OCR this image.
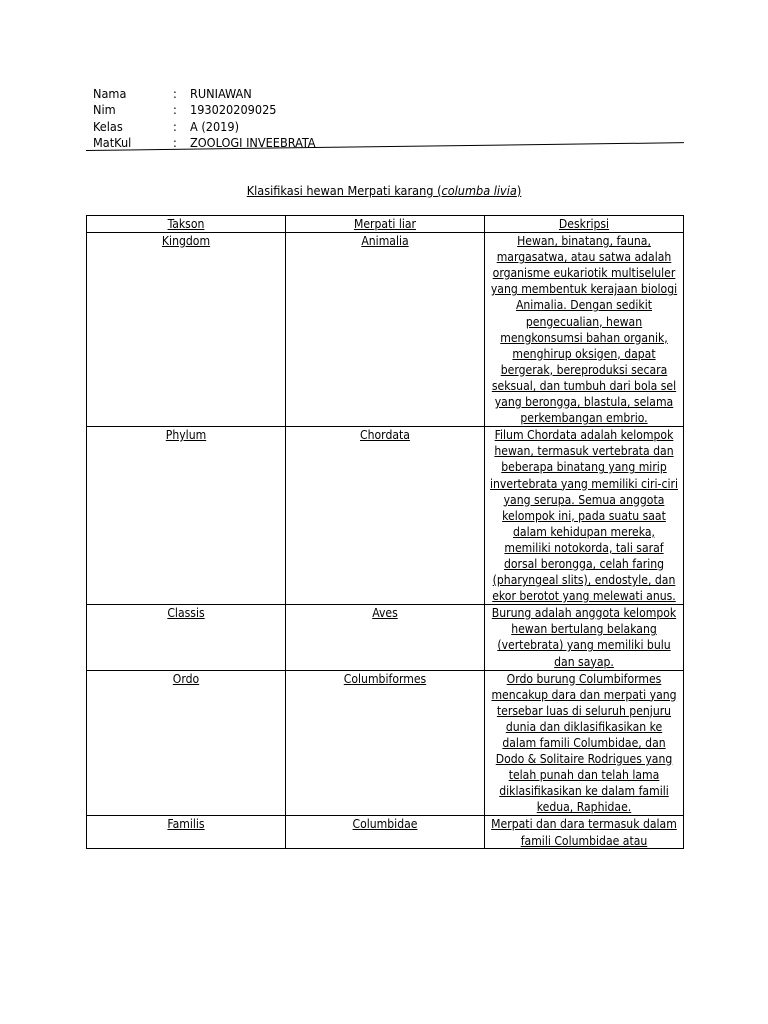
Nama	: RUNIAWAN
Nim	: 193020209025
Kelas	: A (2019)
MatKul	: ZOOLOGI INVEEBRATA
Klasifikasi hewan Merpati karang (columba livia)
Takson	Merpati liar	Deskripsi
Kingdom	Animalia	Hewan, binatang, fauna, margasatwa, atau satwa adalah organisme eukariotik multiseluler yang membentuk kerajaan biologi Animalia. Dengan sedikit pengecualian, hewan mengkonsumsi bahan organik, menghirup oksigen, dapat bergerak, bereproduksi secara seksual, dan tumbuh dari bola sel yang berongga, blastula, selama perkembangan embrio.
Phylum	Chordata	Filum Chordata adalah kelompok hewan, termasuk vertebrata dan beberapa binatang yang mirip invertebrata yang memiliki ciri-ciri yang serupa. Semua anggota kelompok ini, pada suatu saat dalam kehidupan mereka, memiliki notokorda, tali saraf dorsal berongga, celah faring (pharyngeal slits), endostyle, dan ekor berotot yang melewati anus.
Classis	Aves	Burung adalah anggota kelompok hewan bertulang belakang (vertebrata) yang memiliki bulu dan sayap.
Ordo	Columbiformes	Ordo burung Columbiformes mencakup dara dan merpati yang tersebar luas di seluruh penjuru dunia dan diklasifikasikan ke dalam famili Columbidae, dan Dodo & Solitaire Rodrigues yang telah punah dan telah lama diklasifikasikan ke dalam famili kedua, Raphidae.
Familis	Columbidae	Merpati dan dara termasuk dalam famili Columbidae atau
